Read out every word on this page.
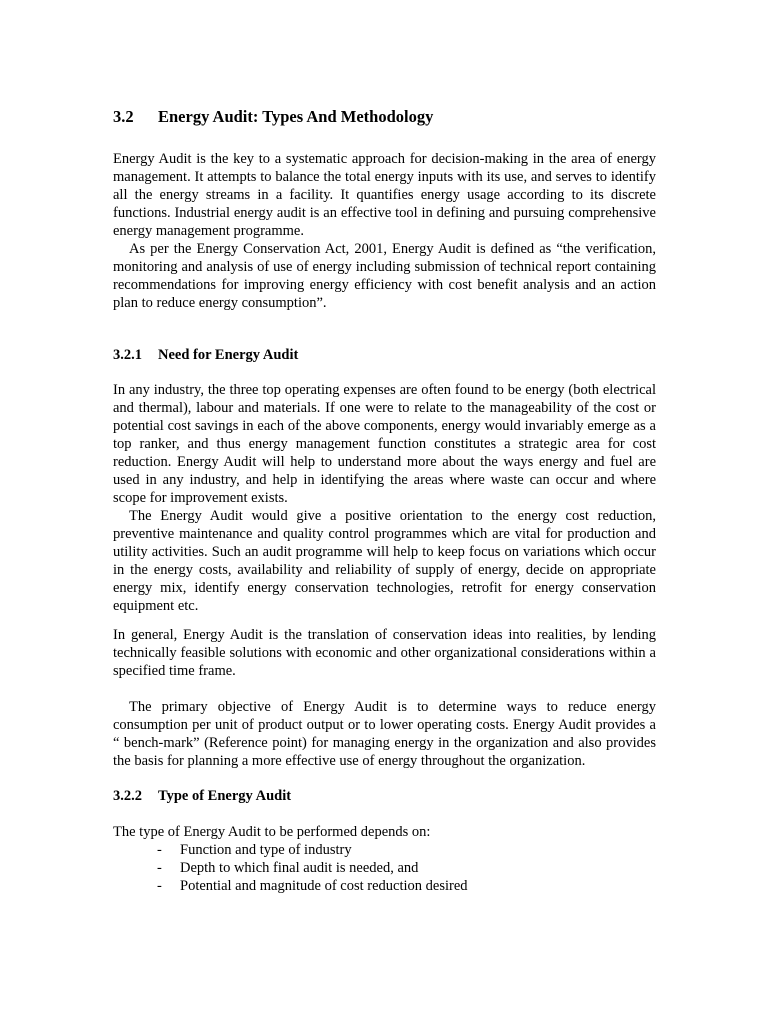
3.2 Energy Audit: Types And Methodology

Energy Audit is the key to a systematic approach for decision-making in the area of energy management. It attempts to balance the total energy inputs with its use, and serves to identify all the energy streams in a facility. It quantifies energy usage according to its discrete functions. Industrial energy audit is an effective tool in defining and pursuing comprehensive energy management programme.

As per the Energy Conservation Act, 2001, Energy Audit is defined as “the verification, monitoring and analysis of use of energy including submission of technical report containing recommendations for improving energy efficiency with cost benefit analysis and an action plan to reduce energy consumption”.

3.2.1 Need for Energy Audit

In any industry, the three top operating expenses are often found to be energy (both electrical and thermal), labour and materials. If one were to relate to the manageability of the cost or potential cost savings in each of the above components, energy would invariably emerge as a top ranker, and thus energy management function constitutes a strategic area for cost reduction. Energy Audit will help to understand more about the ways energy and fuel are used in any industry, and help in identifying the areas where waste can occur and where scope for improvement exists.

The Energy Audit would give a positive orientation to the energy cost reduction, preventive maintenance and quality control programmes which are vital for production and utility activities. Such an audit programme will help to keep focus on variations which occur in the energy costs, availability and reliability of supply of energy, decide on appropriate energy mix, identify energy conservation technologies, retrofit for energy conservation equipment etc.

In general, Energy Audit is the translation of conservation ideas into realities, by lending technically feasible solutions with economic and other organizational considerations within a specified time frame.

The primary objective of Energy Audit is to determine ways to reduce energy consumption per unit of product output or to lower operating costs. Energy Audit provides a “ bench-mark” (Reference point) for managing energy in the organization and also provides the basis for planning a more effective use of energy throughout the organization.

3.2.2 Type of Energy Audit

The type of Energy Audit to be performed depends on:

-	Function and type of industry
-	Depth to which final audit is needed, and
-	Potential and magnitude of cost reduction desired
